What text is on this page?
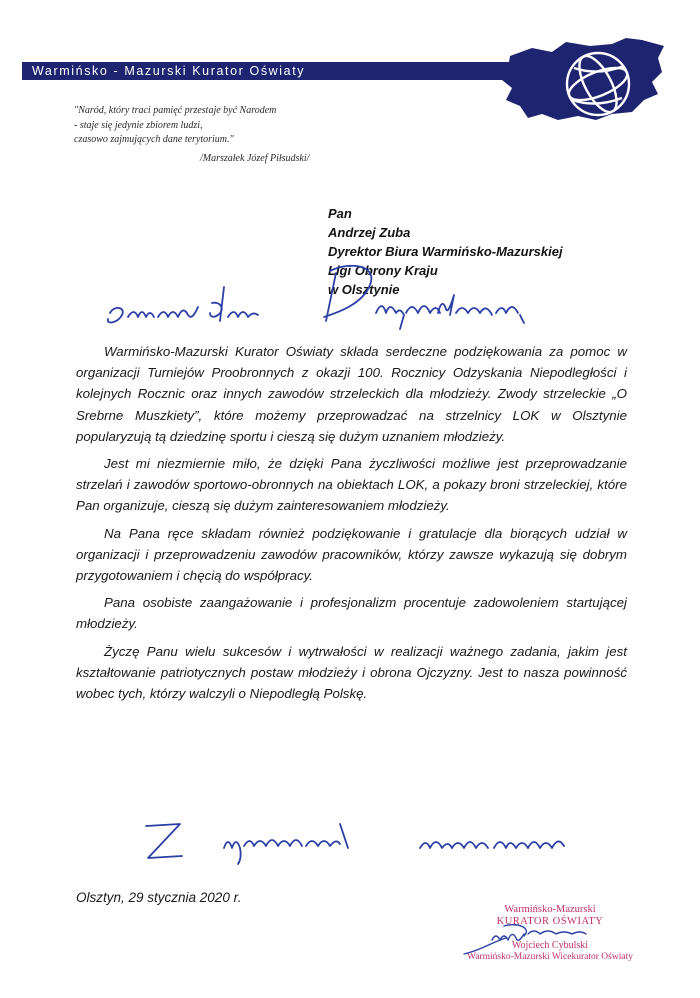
Warmińsko - Mazurski Kurator Oświaty
"Naród, który traci pamięć przestaje być Narodem
- staje się jedynie zbiorem ludzi,
czasowo zajmujących dane terytorium."
/Marszałek Józef Piłsudski/
Pan
Andrzej Zuba
Dyrektor Biura Warmińsko-Mazurskiej
Ligi Obrony Kraju
w Olsztynie

Warmińsko-Mazurski Kurator Oświaty składa serdeczne podziękowania za pomoc w organizacji Turniejów Proobronnych z okazji 100. Rocznicy Odzyskania Niepodległości i kolejnych Rocznic oraz innych zawodów strzeleckich dla młodzieży. Zwody strzeleckie „O Srebrne Muszkiety”, które możemy przeprowadzać na strzelnicy LOK w Olsztynie popularyzują tą dziedzinę sportu i cieszą się dużym uznaniem młodzieży.

Jest mi niezmiernie miło, że dzięki Pana życzliwości możliwe jest przeprowadzanie strzelań i zawodów sportowo-obronnych na obiektach LOK, a pokazy broni strzeleckiej, które Pan organizuje, cieszą się dużym zainteresowaniem młodzieży.

Na Pana ręce składam również podziękowanie i gratulacje dla biorących udział w organizacji i przeprowadzeniu zawodów pracowników, którzy zawsze wykazują się dobrym przygotowaniem i chęcią do współpracy.

Pana osobiste zaangażowanie i profesjonalizm procentuje zadowoleniem startującej młodzieży.

Życzę Panu wielu sukcesów i wytrwałości w realizacji ważnego zadania, jakim jest kształtowanie patriotycznych postaw młodzieży i obrona Ojczyzny. Jest to nasza powinność wobec tych, którzy walczyli o Niepodległą Polskę.

Olsztyn, 29 stycznia 2020 r.
Warmińsko-Mazurski
KURATOR OŚWIATY
Wojciech Cybulski
Warmińsko-Mazurski Wicekurator Oświaty
